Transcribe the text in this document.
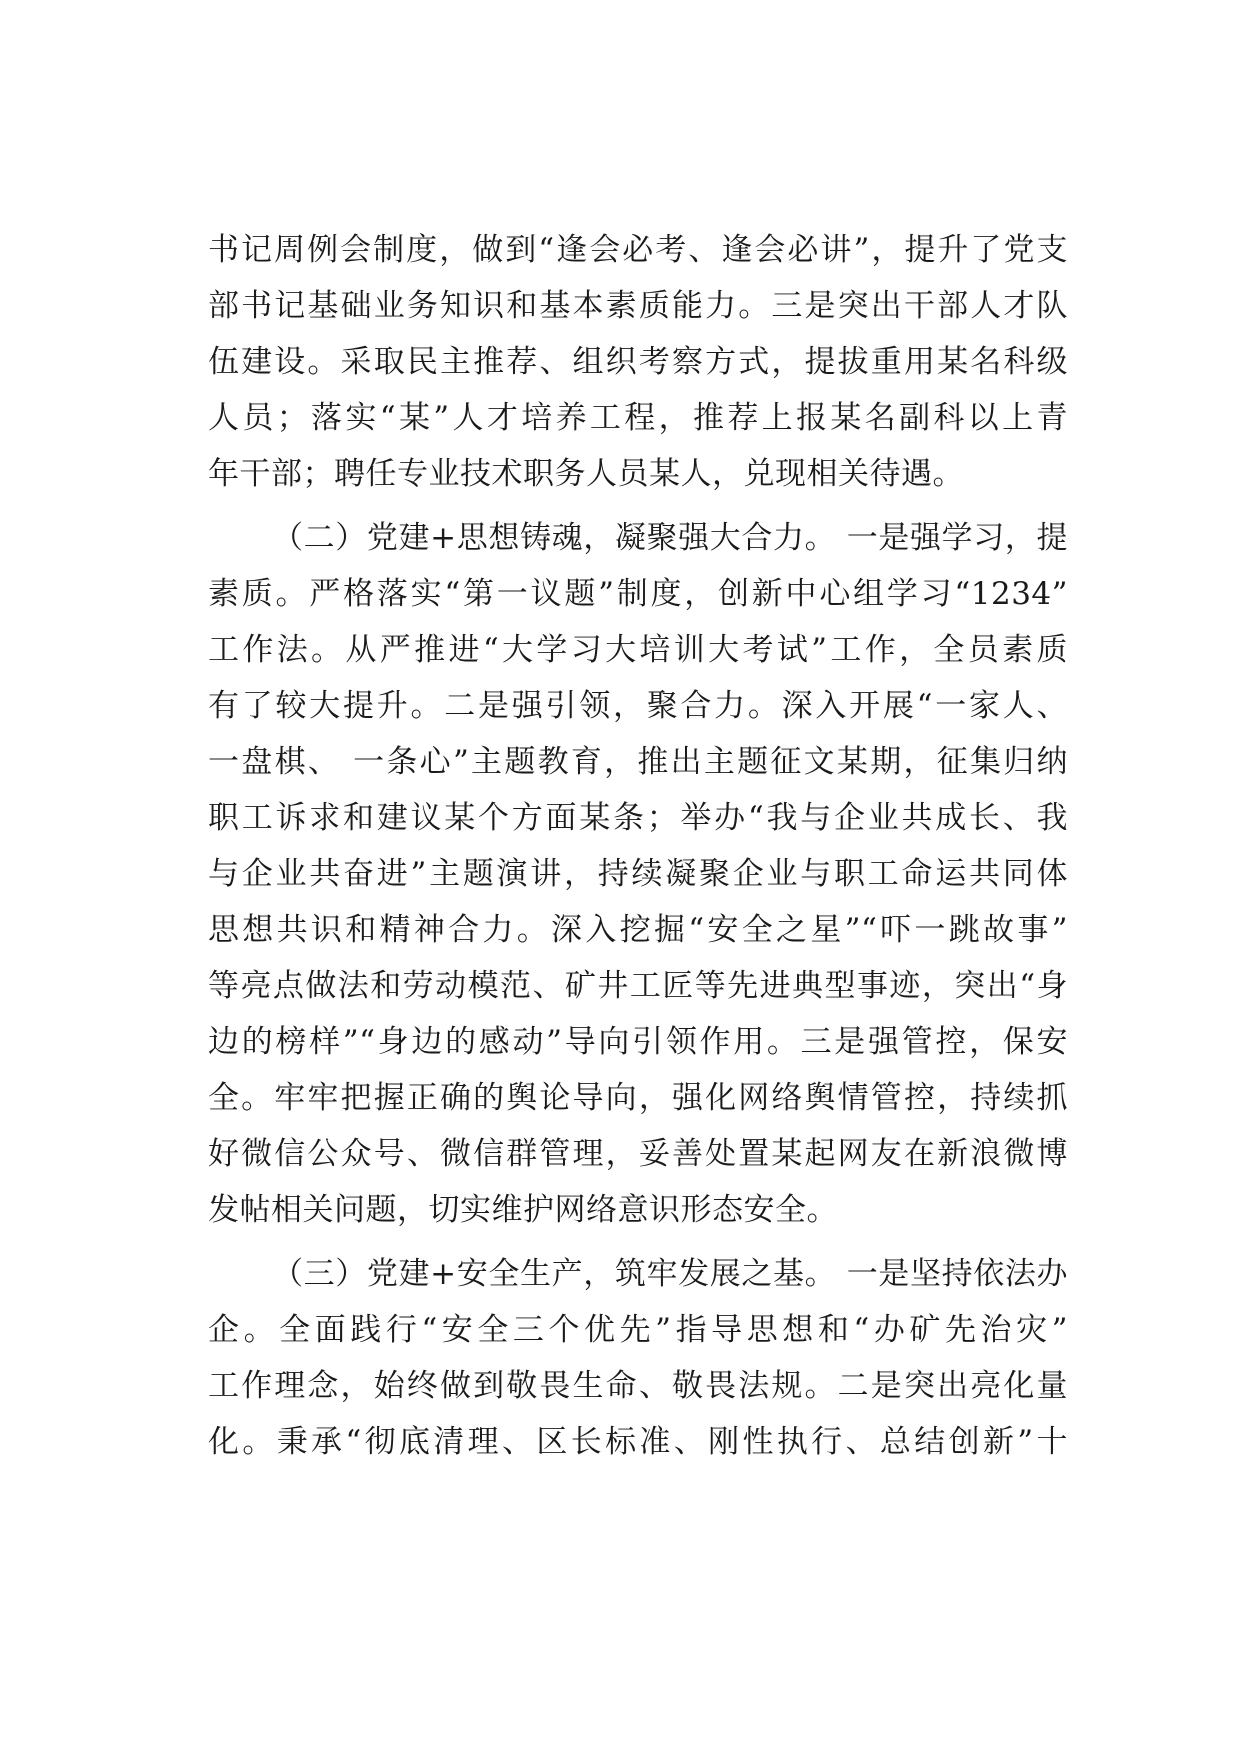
书记周例会制度，做到“逢会必考、逢会必讲”，提升了党支
部书记基础业务知识和基本素质能力。三是突出干部人才队
伍建设。采取民主推荐、组织考察方式，提拔重用某名科级
人员；落实“某”人才培养工程，推荐上报某名副科以上青
年干部；聘任专业技术职务人员某人，兑现相关待遇。
（二）党建+思想铸魂，凝聚强大合力。 一是强学习，提
素质。严格落实“第一议题”制度，创新中心组学习“1234”
工作法。从严推进“大学习大培训大考试”工作，全员素质
有了较大提升。二是强引领，聚合力。深入开展“一家人、
一盘棋、 一条心”主题教育，推出主题征文某期，征集归纳
职工诉求和建议某个方面某条；举办“我与企业共成长、我
与企业共奋进”主题演讲，持续凝聚企业与职工命运共同体
思想共识和精神合力。深入挖掘“安全之星”“吓一跳故事”
等亮点做法和劳动模范、矿井工匠等先进典型事迹，突出“身
边的榜样”“身边的感动”导向引领作用。三是强管控，保安
全。牢牢把握正确的舆论导向，强化网络舆情管控，持续抓
好微信公众号、微信群管理，妥善处置某起网友在新浪微博
发帖相关问题，切实维护网络意识形态安全。
（三）党建+安全生产，筑牢发展之基。 一是坚持依法办
企。全面践行“安全三个优先”指导思想和“办矿先治灾”
工作理念，始终做到敬畏生命、敬畏法规。二是突出亮化量
化。秉承“彻底清理、区长标准、刚性执行、总结创新”十
